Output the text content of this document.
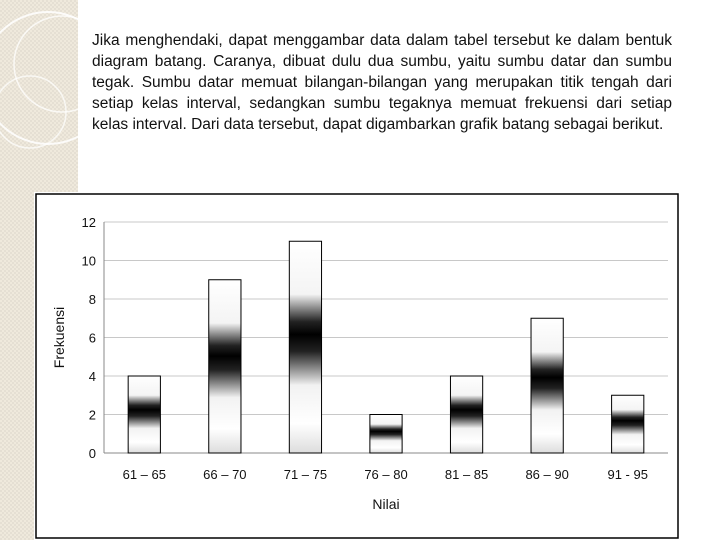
Jika menghendaki, dapat menggambar data dalam tabel tersebut ke dalam bentuk diagram batang. Caranya, dibuat dulu dua sumbu, yaitu sumbu datar dan sumbu tegak. Sumbu datar memuat bilangan-bilangan yang merupakan titik tengah dari setiap kelas interval, sedangkan sumbu tegaknya memuat frekuensi dari setiap kelas interval. Dari data tersebut, dapat digambarkan grafik batang sebagai berikut.

0
2
4
6
8
10
12
61 – 65	66 – 70	71 – 75	76 – 80	81 – 85	86 – 90	91 - 95
Frekuensi
Nilai
